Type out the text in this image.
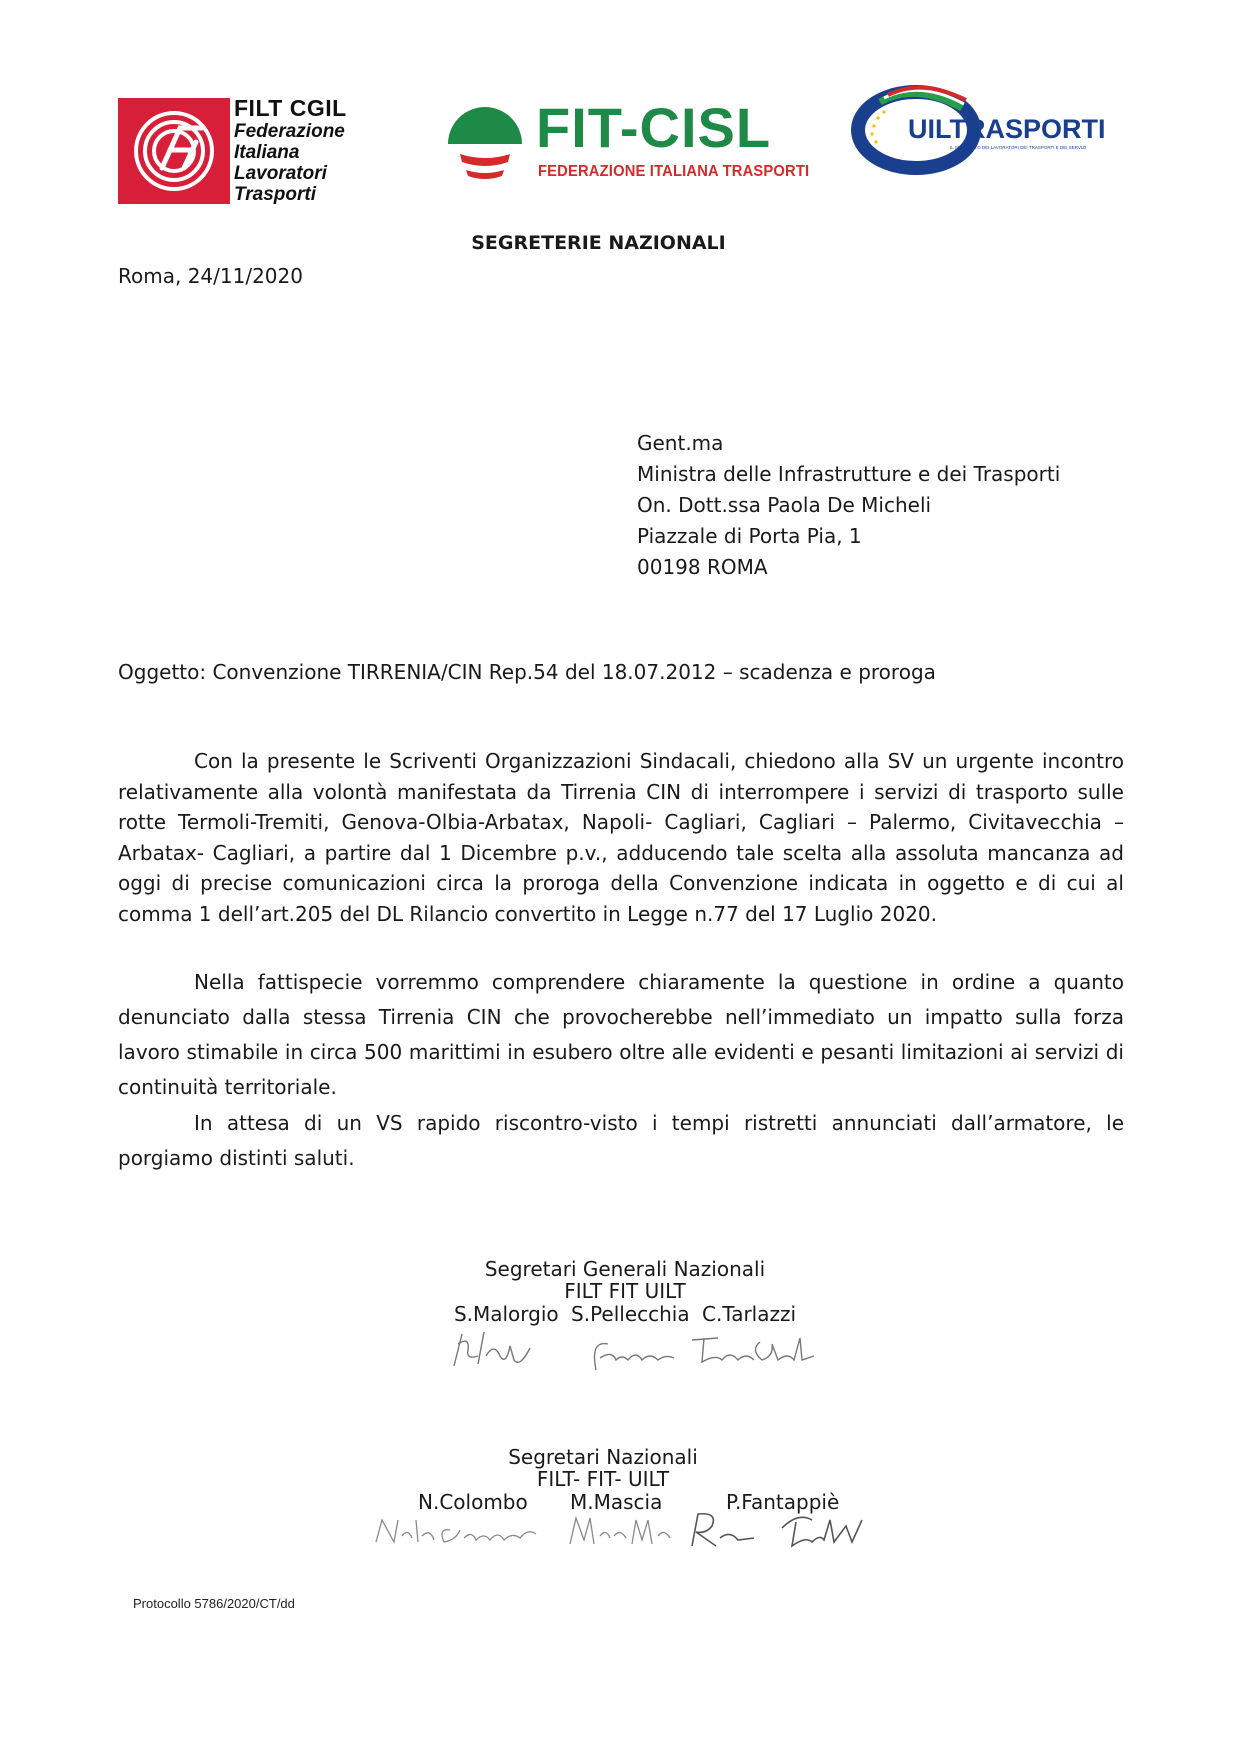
FILT CGIL
Federazione
Italiana
Lavoratori
Trasporti
FIT-CISL
FEDERAZIONE ITALIANA TRASPORTI
UILTRASPORTI
IL SINDACATO DEI LAVORATORI DEI TRASPORTI E DEI SERVIZI
SEGRETERIE NAZIONALI
Roma, 24/11/2020
Gent.ma
Ministra delle Infrastrutture e dei Trasporti
On. Dott.ssa Paola De Micheli
Piazzale di Porta Pia, 1
00198 ROMA
Oggetto: Convenzione TIRRENIA/CIN Rep.54 del 18.07.2012 – scadenza e proroga

Con la presente le Scriventi Organizzazioni Sindacali, chiedono alla SV un urgente incontro relativamente alla volontà manifestata da Tirrenia CIN di interrompere i servizi di trasporto sulle rotte Termoli-Tremiti, Genova-Olbia-Arbatax, Napoli- Cagliari, Cagliari – Palermo, Civitavecchia – Arbatax- Cagliari, a partire dal 1 Dicembre p.v., adducendo tale scelta alla assoluta mancanza ad oggi di precise comunicazioni circa la proroga della Convenzione indicata in oggetto e di cui al comma 1 dell’art.205 del DL Rilancio convertito in Legge n.77 del 17 Luglio 2020.

Nella fattispecie vorremmo comprendere chiaramente la questione in ordine a quanto denunciato dalla stessa Tirrenia CIN che provocherebbe nell’immediato un impatto sulla forza lavoro stimabile in circa 500 marittimi in esubero oltre alle evidenti e pesanti limitazioni ai servizi di continuità territoriale.

In attesa di un VS rapido riscontro-visto i tempi ristretti annunciati dall’armatore, le porgiamo distinti saluti.

Segretari Generali Nazionali
FILT FIT UILT
S.Malorgio S.Pellecchia C.Tarlazzi
Segretari Nazionali
FILT- FIT- UILT
N.Colombo M.Mascia	P.Fantappiè
Protocollo 5786/2020/CT/dd
